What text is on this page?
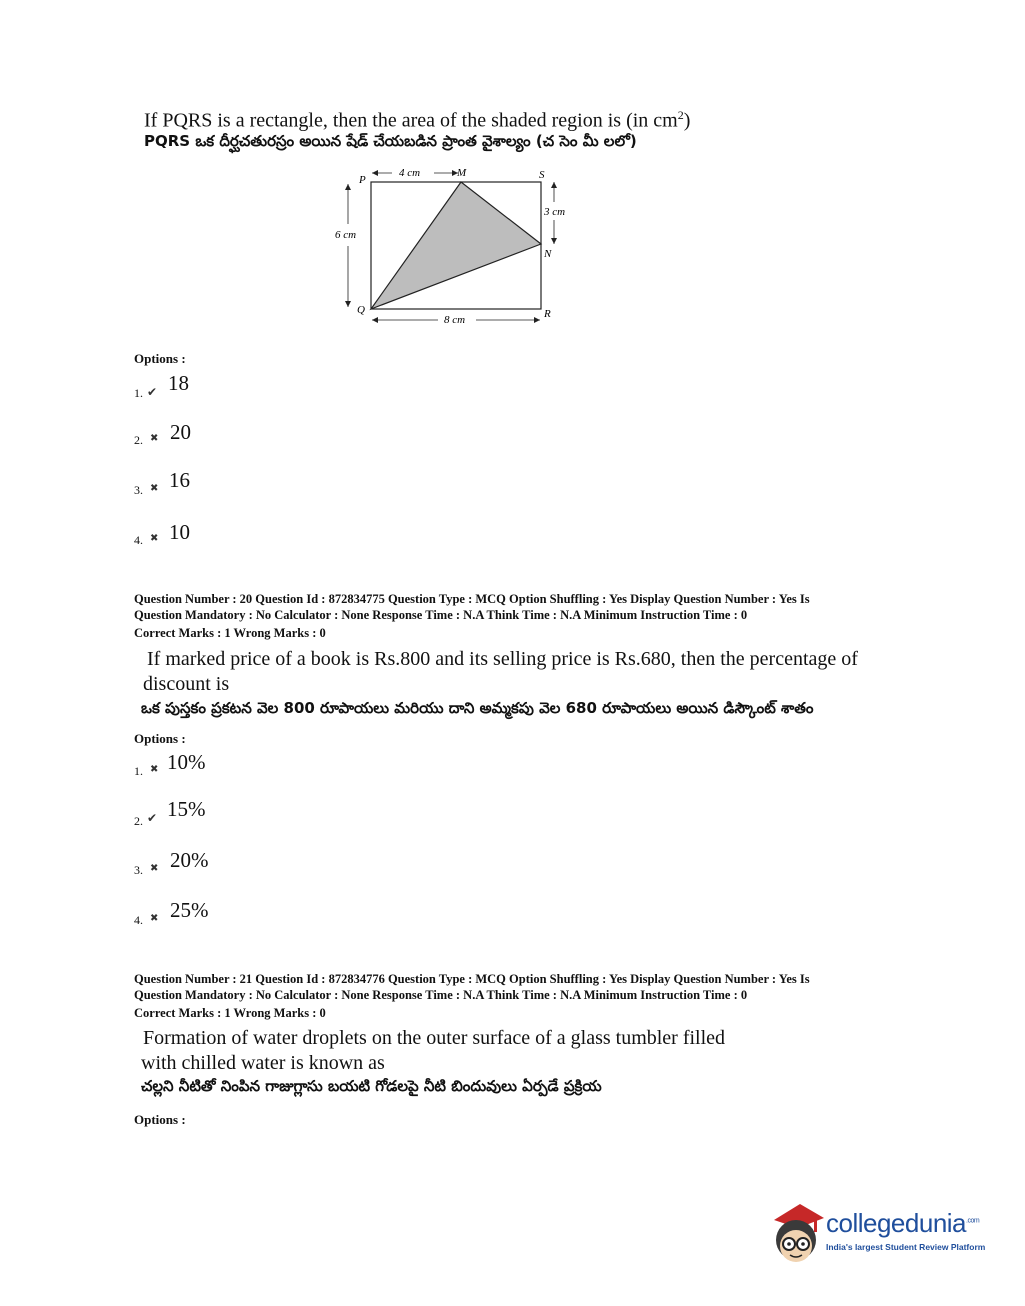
If PQRS is a rectangle, then the area of the shaded region is (in $cm^2$)
PQRS ఒక దీర్ఘచతురస్రం అయిన షేడ్ చేయబడిన ప్రాంత వైశాల్యం (చ సెం మీ లలో)
4 cm
6 cm
3 cm
8 cm
P
M	S
N
Q	R
Options :
1. ✔ 18
2. ✖ 20
3. ✖ 16
4. ✖ 10
Question Number : 20 Question Id : 872834775 Question Type : MCQ Option Shuffling : Yes Display Question Number : Yes Is
Question Mandatory : No Calculator : None Response Time : N.A Think Time : N.A Minimum Instruction Time : 0
Correct Marks : 1 Wrong Marks : 0
If marked price of a book is Rs.800 and its selling price is Rs.680, then the percentage of
discount is
ఒక పుస్తకం ప్రకటన వెల 800 రూపాయలు మరియు దాని అమ్మకపు వెల 680 రూపాయలు అయిన డిస్కౌంట్ శాతం
Options :
1. ✖ 10%
2. ✔ 15%
3. ✖ 20%
4. ✖ 25%
Question Number : 21 Question Id : 872834776 Question Type : MCQ Option Shuffling : Yes Display Question Number : Yes Is
Question Mandatory : No Calculator : None Response Time : N.A Think Time : N.A Minimum Instruction Time : 0
Correct Marks : 1 Wrong Marks : 0
Formation of water droplets on the outer surface of a glass tumbler filled
with chilled water is known as
చల్లని నీటితో నింపిన గాజుగ్లాసు బయటి గోడలపై నీటి బిందువులు ఏర్పడే ప్రక్రియ
Options :
collegedunia$^{.com}$
India's largest Student Review Platform
